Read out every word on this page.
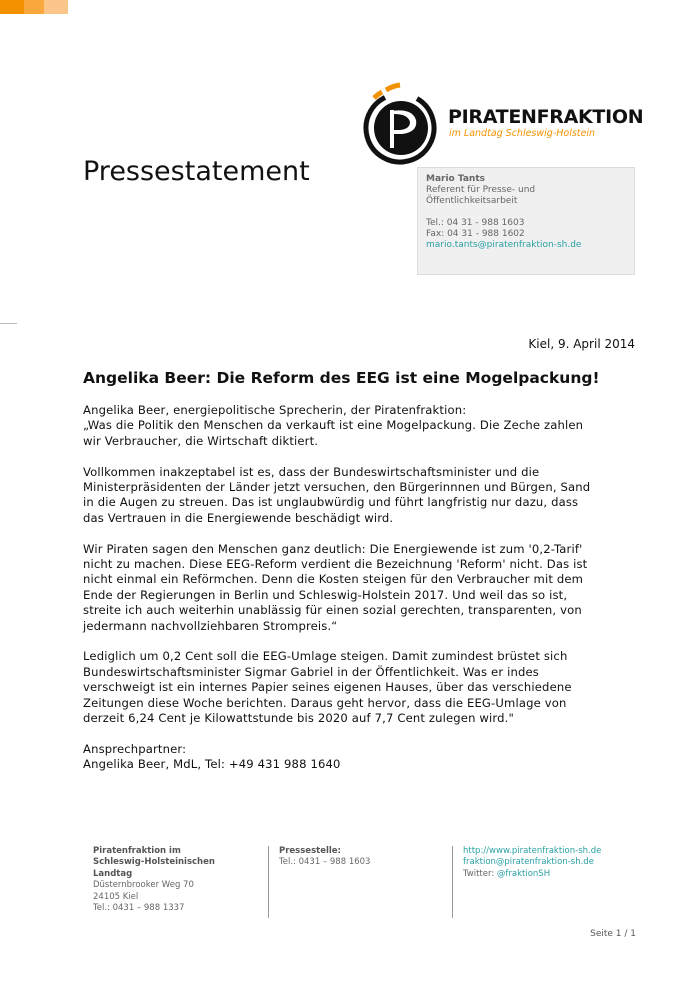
PIRATENFRAKTION
im Landtag Schleswig-Holstein
Pressestatement	Mario Tants
Referent für Presse- und Öffentlichkeitsarbeit
Tel.: 04 31 - 988 1603
Fax: 04 31 - 988 1602
mario.tants@piratenfraktion-sh.de
Kiel, 9. April 2014
Angelika Beer: Die Reform des EEG ist eine Mogelpackung!

Angelika Beer, energiepolitische Sprecherin, der Piratenfraktion:
„Was die Politik den Menschen da verkauft ist eine Mogelpackung. Die Zeche zahlen
wir Verbraucher, die Wirtschaft diktiert.

Vollkommen inakzeptabel ist es, dass der Bundeswirtschaftsminister und die
Ministerpräsidenten der Länder jetzt versuchen, den Bürgerinnnen und Bürgen, Sand
in die Augen zu streuen. Das ist unglaubwürdig und führt langfristig nur dazu, dass
das Vertrauen in die Energiewende beschädigt wird.

Wir Piraten sagen den Menschen ganz deutlich: Die Energiewende ist zum '0,2-Tarif'
nicht zu machen. Diese EEG-Reform verdient die Bezeichnung 'Reform' nicht. Das ist
nicht einmal ein Reförmchen. Denn die Kosten steigen für den Verbraucher mit dem
Ende der Regierungen in Berlin und Schleswig-Holstein 2017. Und weil das so ist,
streite ich auch weiterhin unablässig für einen sozial gerechten, transparenten, von
jedermann nachvollziehbaren Strompreis.“

Lediglich um 0,2 Cent soll die EEG-Umlage steigen. Damit zumindest brüstet sich
Bundeswirtschaftsminister Sigmar Gabriel in der Öffentlichkeit. Was er indes
verschweigt ist ein internes Papier seines eigenen Hauses, über das verschiedene
Zeitungen diese Woche berichten. Daraus geht hervor, dass die EEG-Umlage von
derzeit 6,24 Cent je Kilowattstunde bis 2020 auf 7,7 Cent zulegen wird."

Ansprechpartner:
Angelika Beer, MdL, Tel: +49 431 988 1640

Piratenfraktion im
Schleswig-Holsteinischen
Landtag
Düsternbrooker Weg 70
24105 Kiel
Tel.: 0431 – 988 1337
Pressestelle:
Tel.: 0431 – 988 1603
http://www.piratenfraktion-sh.de
fraktion@piratenfraktion-sh.de
Twitter: @fraktionSH
Seite 1 / 1
